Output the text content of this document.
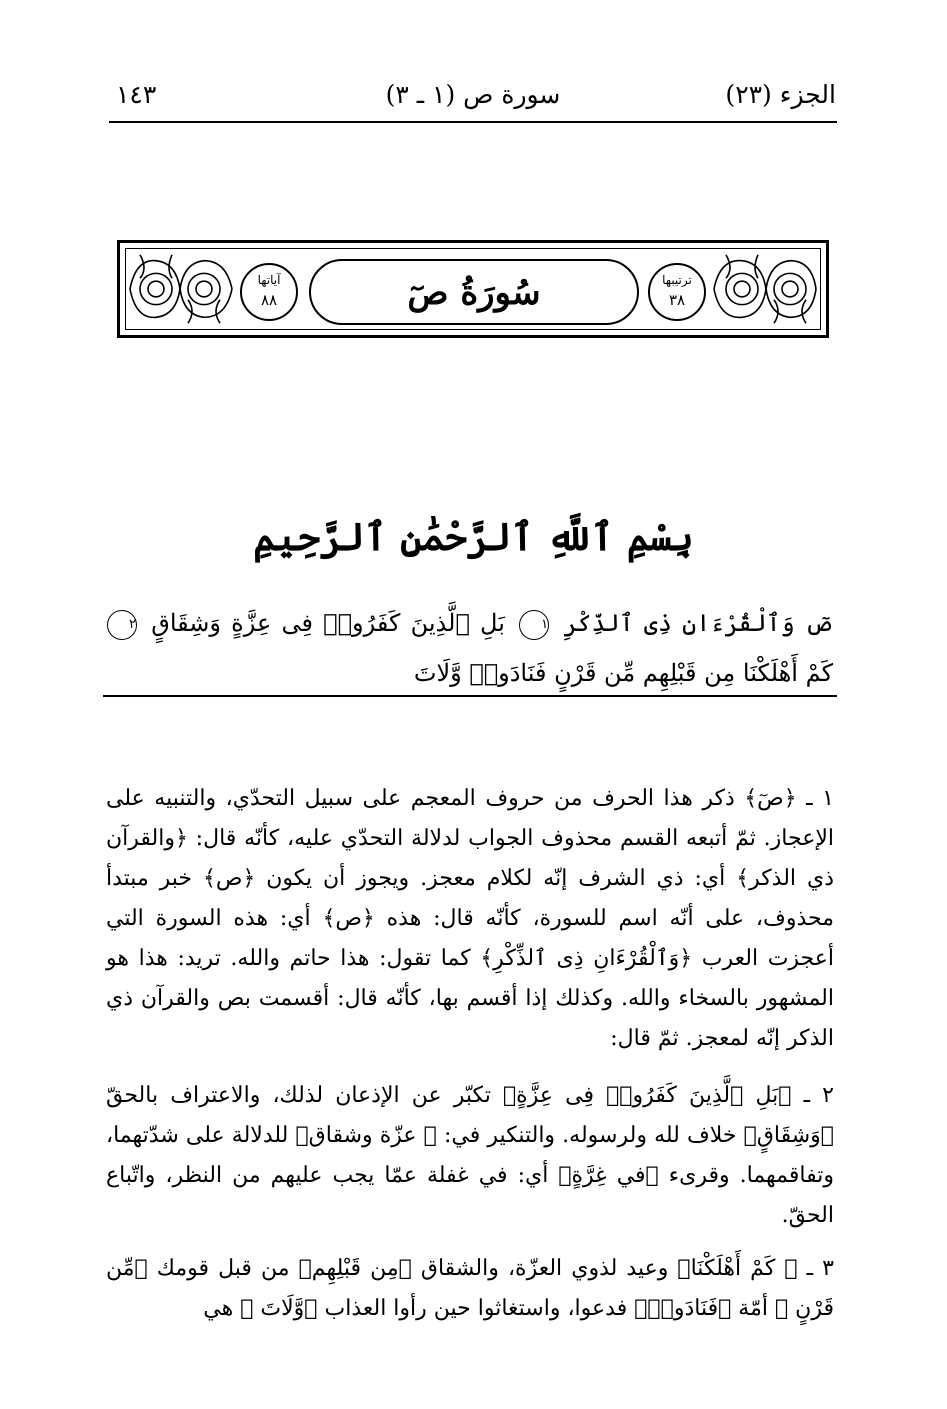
الجزء (٢٣)
سورة ص (١ ـ ٣)
١٤٣
آياتها
٨٨	سُورَةُ صٓ	ترتيبها
٣٨
بِسْمِ ٱللَّهِ ٱلرَّحْمَٰنِ ٱلرَّحِيمِ
صٓ وَٱلْقُرْءَانِ ذِى ٱلذِّكْرِ ١ بَلِ ٱلَّذِينَ كَفَرُوا۟ فِى عِزَّةٍ وَشِقَاقٍ ٢ كَمْ أَهْلَكْنَا مِن قَبْلِهِم مِّن قَرْنٍ فَنَادَوا۟ وَّلَاتَ

١ ـ ﴿صٓ﴾ ذكر هذا الحرف من حروف المعجم على سبيل التحدّي، والتنبيه على الإعجاز. ثمّ أتبعه القسم محذوف الجواب لدلالة التحدّي عليه، كأنّه قال: ﴿والقرآن ذي الذكر﴾ أي: ذي الشرف إنّه لكلام معجز. ويجوز أن يكون ﴿ص﴾ خبر مبتدأ محذوف، على أنّه اسم للسورة، كأنّه قال: هذه ﴿ص﴾ أي: هذه السورة التي أعجزت العرب ﴿وَٱلْقُرْءَانِ ذِى ٱلذِّكْرِ﴾ كما تقول: هذا حاتم والله. تريد: هذا هو المشهور بالسخاء والله. وكذلك إذا أقسم بها، كأنّه قال: أقسمت بص والقرآن ذي الذكر إنّه لمعجز. ثمّ قال:

٢ ـ ﴿بَلِ ٱلَّذِينَ كَفَرُوا۟ فِى عِزَّةٍ﴾ تكبّر عن الإذعان لذلك، والاعتراف بالحقّ ﴿وَشِقَاقٍ﴾ خلاف لله ولرسوله. والتنكير في: ﴿ عزّة وشقاق﴾ للدلالة على شدّتهما، وتفاقمهما. وقرىء ﴿في غِرَّةٍ﴾ أي: في غفلة عمّا يجب عليهم من النظر، واتّباع الحقّ.

٣ ـ ﴿ كَمْ أَهْلَكْنَا﴾ وعيد لذوي العزّة، والشقاق ﴿مِن قَبْلِهِم﴾ من قبل قومك ﴿مِّن قَرْنٍ ﴾ أمّة ﴿فَنَادَوا۟﴾ فدعوا، واستغاثوا حين رأوا العذاب ﴿وَّلَاتَ ﴾ هي
